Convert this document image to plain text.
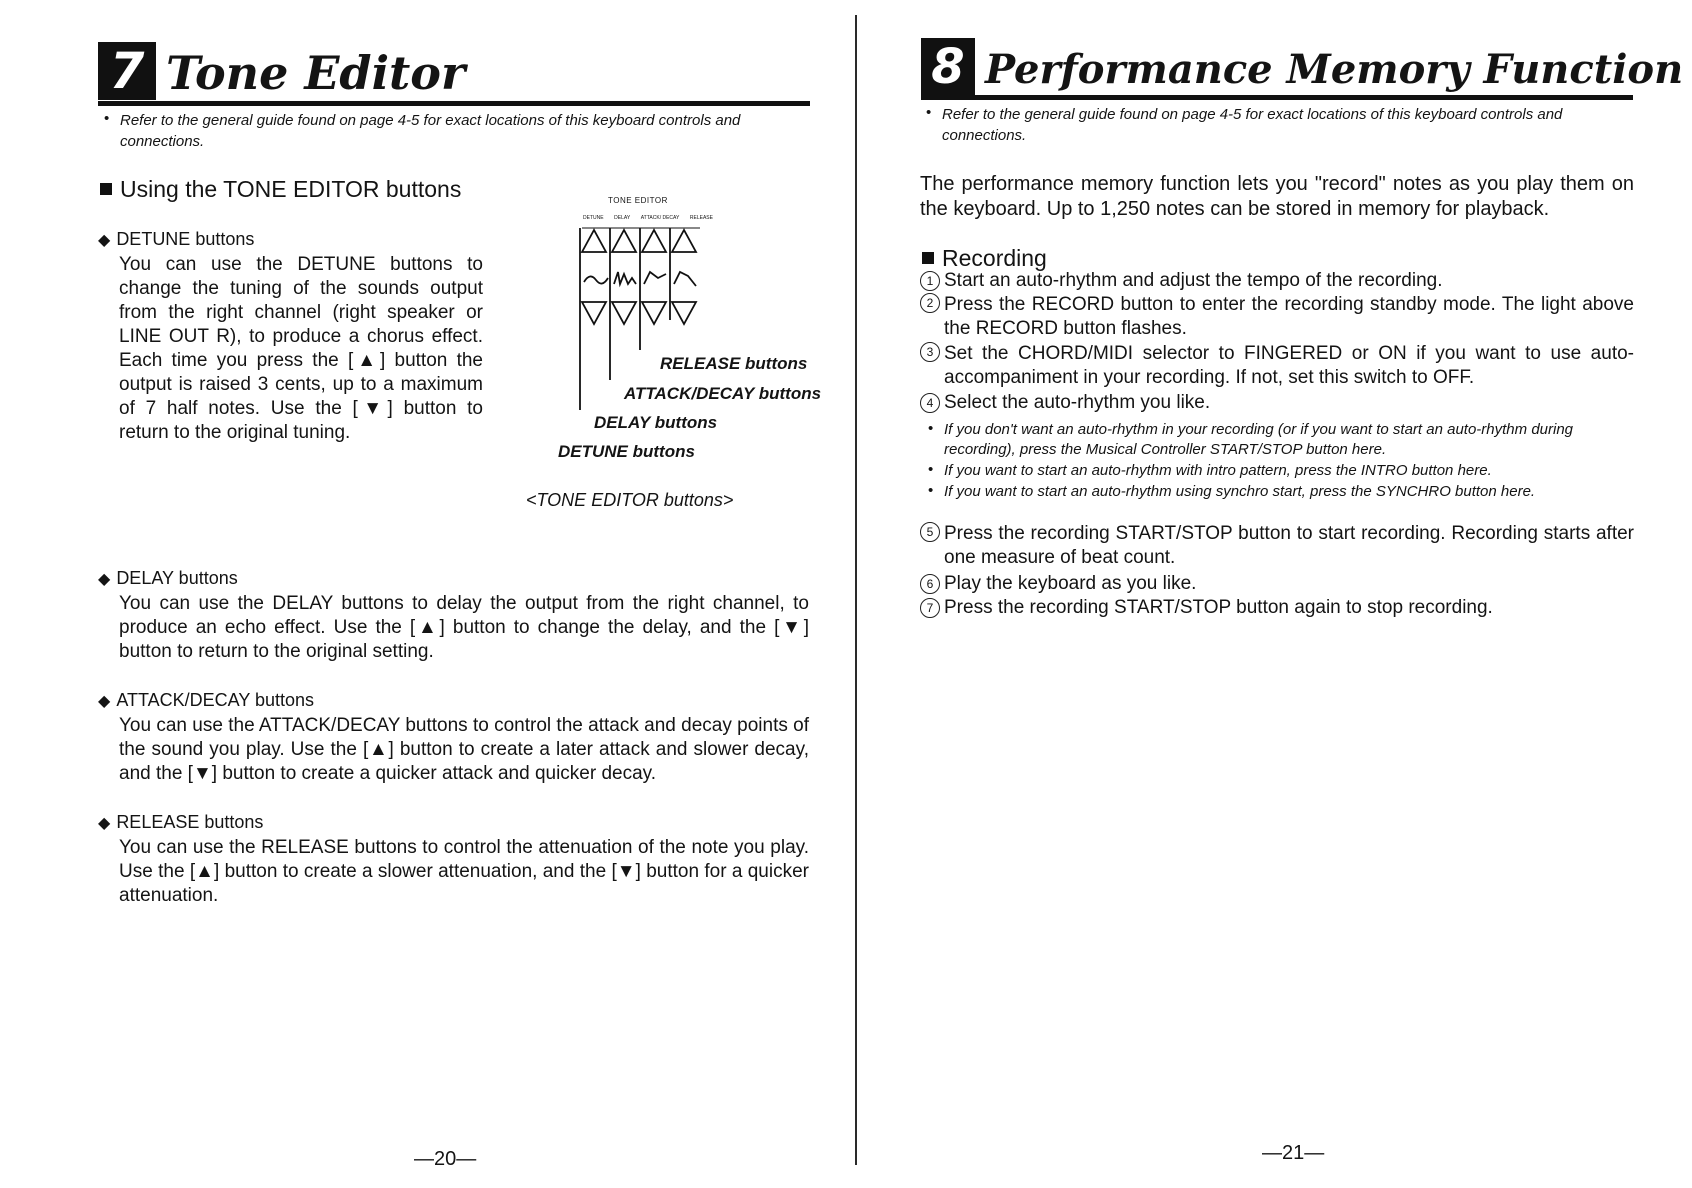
7 Tone Editor
• Refer to the general guide found on page 4-5 for exact locations of this keyboard controls and connections.
Using the TONE EDITOR buttons
◆ DETUNE buttons
You can use the DETUNE buttons to change the tuning of the sounds output from the right channel (right speaker or LINE OUT R), to produce a chorus effect. Each time you press the [▲] button the output is raised 3 cents, up to a maximum of 7 half notes. Use the [▼] button to return to the original tuning.
TONE EDITOR
DETUNE DELAY ATTACK/ DECAY RELEASE
RELEASE buttons
ATTACK/DECAY buttons
DELAY buttons
DETUNE buttons
<TONE EDITOR buttons>
◆ DELAY buttons
You can use the DELAY buttons to delay the output from the right channel, to produce an echo effect. Use the [▲] button to change the delay, and the [▼] button to return to the original setting.
◆ ATTACK/DECAY buttons
You can use the ATTACK/DECAY buttons to control the attack and decay points of the sound you play. Use the [▲] button to create a later attack and slower decay, and the [▼] button to create a quicker attack and quicker decay.
◆ RELEASE buttons
You can use the RELEASE buttons to control the attenuation of the note you play. Use the [▲] button to create a slower attenuation, and the [▼] button for a quicker attenuation.
—20—
8 Performance Memory Function
• Refer to the general guide found on page 4-5 for exact locations of this keyboard controls and connections.
The performance memory function lets you "record" notes as you play them on the keyboard. Up to 1,250 notes can be stored in memory for playback.
Recording
1 Start an auto-rhythm and adjust the tempo of the recording.
2 Press the RECORD button to enter the recording standby mode. The light above the RECORD button flashes.
3 Set the CHORD/MIDI selector to FINGERED or ON if you want to use auto-accompaniment in your recording. If not, set this switch to OFF.
4 Select the auto-rhythm you like.
• If you don't want an auto-rhythm in your recording (or if you want to start an auto-rhythm during recording), press the Musical Controller START/STOP button here.
• If you want to start an auto-rhythm with intro pattern, press the INTRO button here.
• If you want to start an auto-rhythm using synchro start, press the SYNCHRO button here.
5 Press the recording START/STOP button to start recording. Recording starts after one measure of beat count.
6 Play the keyboard as you like.
7 Press the recording START/STOP button again to stop recording.
—21—
